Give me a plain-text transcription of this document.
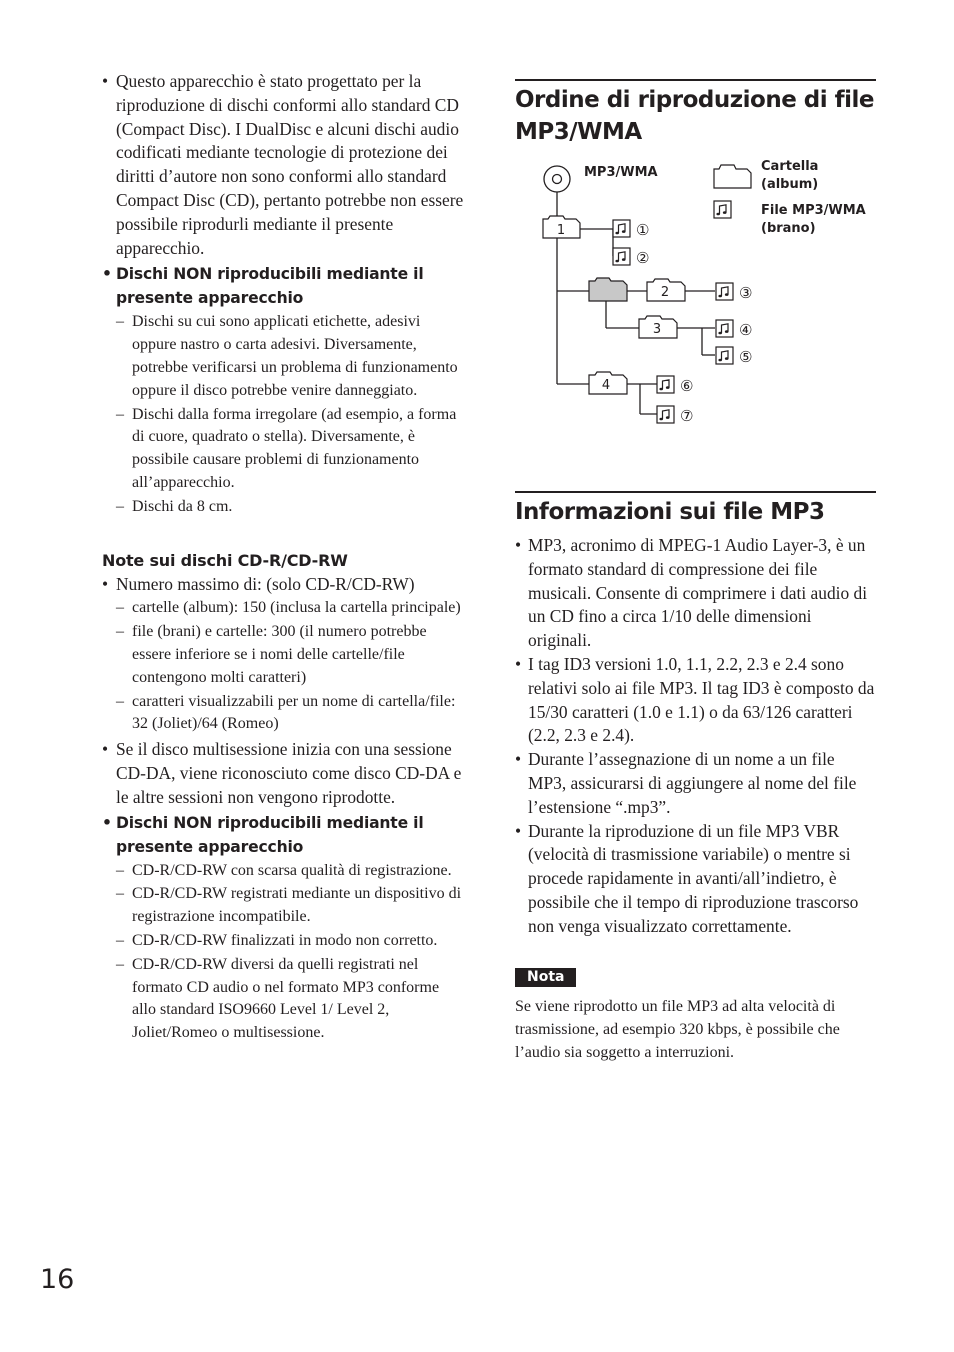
• Questo apparecchio è stato progettato per la riproduzione di dischi conformi allo standard CD (Compact Disc). I DualDisc e alcuni dischi audio codificati mediante tecnologie di protezione dei diritti d’autore non sono conformi allo standard Compact Disc (CD), pertanto potrebbe non essere possibile riprodurli mediante il presente apparecchio.

• Dischi NON riproducibili mediante il presente apparecchio

– Dischi su cui sono applicati etichette, adesivi oppure nastro o carta adesivi. Diversamente, potrebbe verificarsi un problema di funzionamento oppure il disco potrebbe venire danneggiato.

– Dischi dalla forma irregolare (ad esempio, a forma di cuore, quadrato o stella). Diversamente, è possibile causare problemi di funzionamento all’apparecchio.

– Dischi da 8 cm.

Note sui dischi CD-R/CD-RW

• Numero massimo di: (solo CD-R/CD-RW)

– cartelle (album): 150 (inclusa la cartella principale)

– file (brani) e cartelle: 300 (il numero potrebbe essere inferiore se i nomi delle cartelle/file contengono molti caratteri)

– caratteri visualizzabili per un nome di cartella/file: 32 (Joliet)/64 (Romeo)

• Se il disco multisessione inizia con una sessione CD-DA, viene riconosciuto come disco CD-DA e le altre sessioni non vengono riprodotte.

• Dischi NON riproducibili mediante il presente apparecchio

– CD-R/CD-RW con scarsa qualità di registrazione.

– CD-R/CD-RW registrati mediante un dispositivo di registrazione incompatibile.

– CD-R/CD-RW finalizzati in modo non corretto.

– CD-R/CD-RW diversi da quelli registrati nel formato CD audio o nel formato MP3 conforme allo standard ISO9660 Level 1/ Level 2, Joliet/Romeo o multisessione.

Ordine di riproduzione di file MP3/WMA
1
2
3
4
①
②
③
④
⑤
⑥
⑦
MP3/WMA	Cartella (album)
File MP3/WMA (brano)
Informazioni sui file MP3

• MP3, acronimo di MPEG-1 Audio Layer-3, è un formato standard di compressione dei file musicali. Consente di comprimere i dati audio di un CD fino a circa 1/10 delle dimensioni originali.

• I tag ID3 versioni 1.0, 1.1, 2.2, 2.3 e 2.4 sono relativi solo ai file MP3. Il tag ID3 è composto da 15/30 caratteri (1.0 e 1.1) o da 63/126 caratteri (2.2, 2.3 e 2.4).

• Durante l’assegnazione di un nome a un file MP3, assicurarsi di aggiungere al nome del file l’estensione “.mp3”.

• Durante la riproduzione di un file MP3 VBR (velocità di trasmissione variabile) o mentre si procede rapidamente in avanti/all’indietro, è possibile che il tempo di riproduzione trascorso non venga visualizzato correttamente.

Nota

Se viene riprodotto un file MP3 ad alta velocità di trasmissione, ad esempio 320 kbps, è possibile che l’audio sia soggetto a interruzioni.

16
